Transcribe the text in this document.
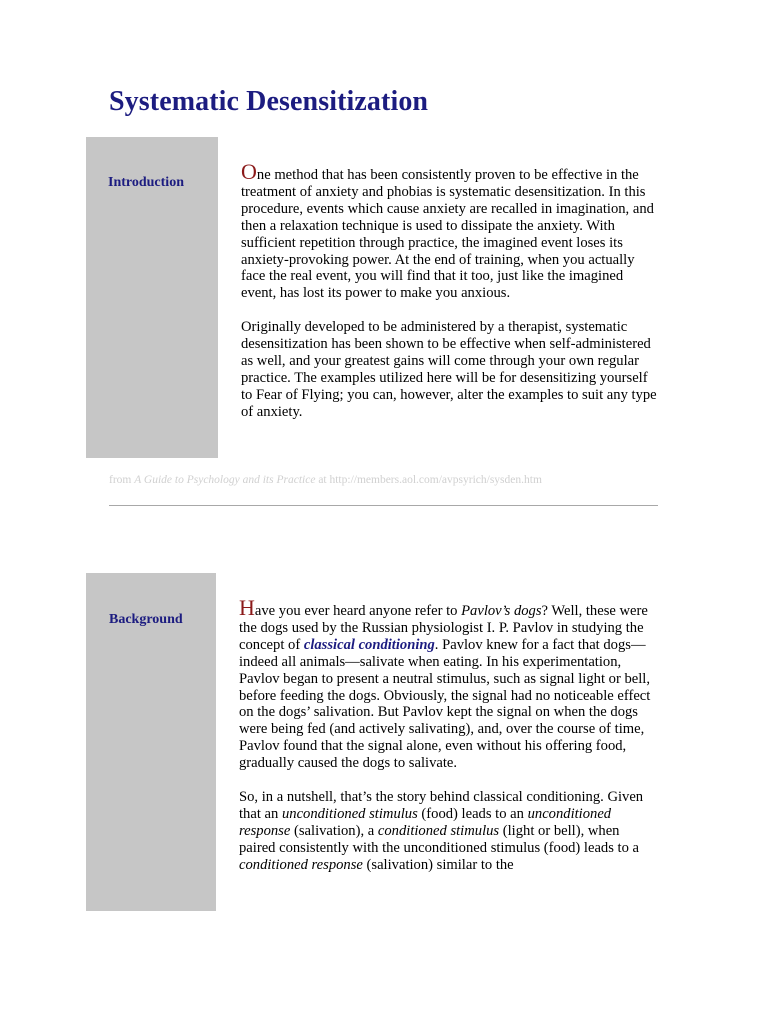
Systematic Desensitization
Introduction	One method that has been consistently proven to be effective in the treatment of anxiety and phobias is systematic desensitization. In this procedure, events which cause anxiety are recalled in imagination, and then a relaxation technique is used to dissipate the anxiety. With sufficient repetition through practice, the imagined event loses its anxiety-provoking power. At the end of training, when you actually face the real event, you will find that it too, just like the imagined event, has lost its power to make you anxious.

Originally developed to be administered by a therapist, systematic desensitization has been shown to be effective when self-administered as well, and your greatest gains will come through your own regular practice. The examples utilized here will be for desensitizing yourself to Fear of Flying; you can, however, alter the examples to suit any type of anxiety.

from A Guide to Psychology and its Practice at http://members.aol.com/avpsyrich/sysden.htm
Background	Have you ever heard anyone refer to Pavlov’s dogs? Well, these were the dogs used by the Russian physiologist I. P. Pavlov in studying the concept of classical conditioning. Pavlov knew for a fact that dogs—indeed all animals—salivate when eating. In his experimentation, Pavlov began to present a neutral stimulus, such as signal light or bell, before feeding the dogs. Obviously, the signal had no noticeable effect on the dogs’ salivation. But Pavlov kept the signal on when the dogs were being fed (and actively salivating), and, over the course of time, Pavlov found that the signal alone, even without his offering food, gradually caused the dogs to salivate.

So, in a nutshell, that’s the story behind classical conditioning. Given that an unconditioned stimulus (food) leads to an unconditioned response (salivation), a conditioned stimulus (light or bell), when paired consistently with the unconditioned stimulus (food) leads to a conditioned response (salivation) similar to the
